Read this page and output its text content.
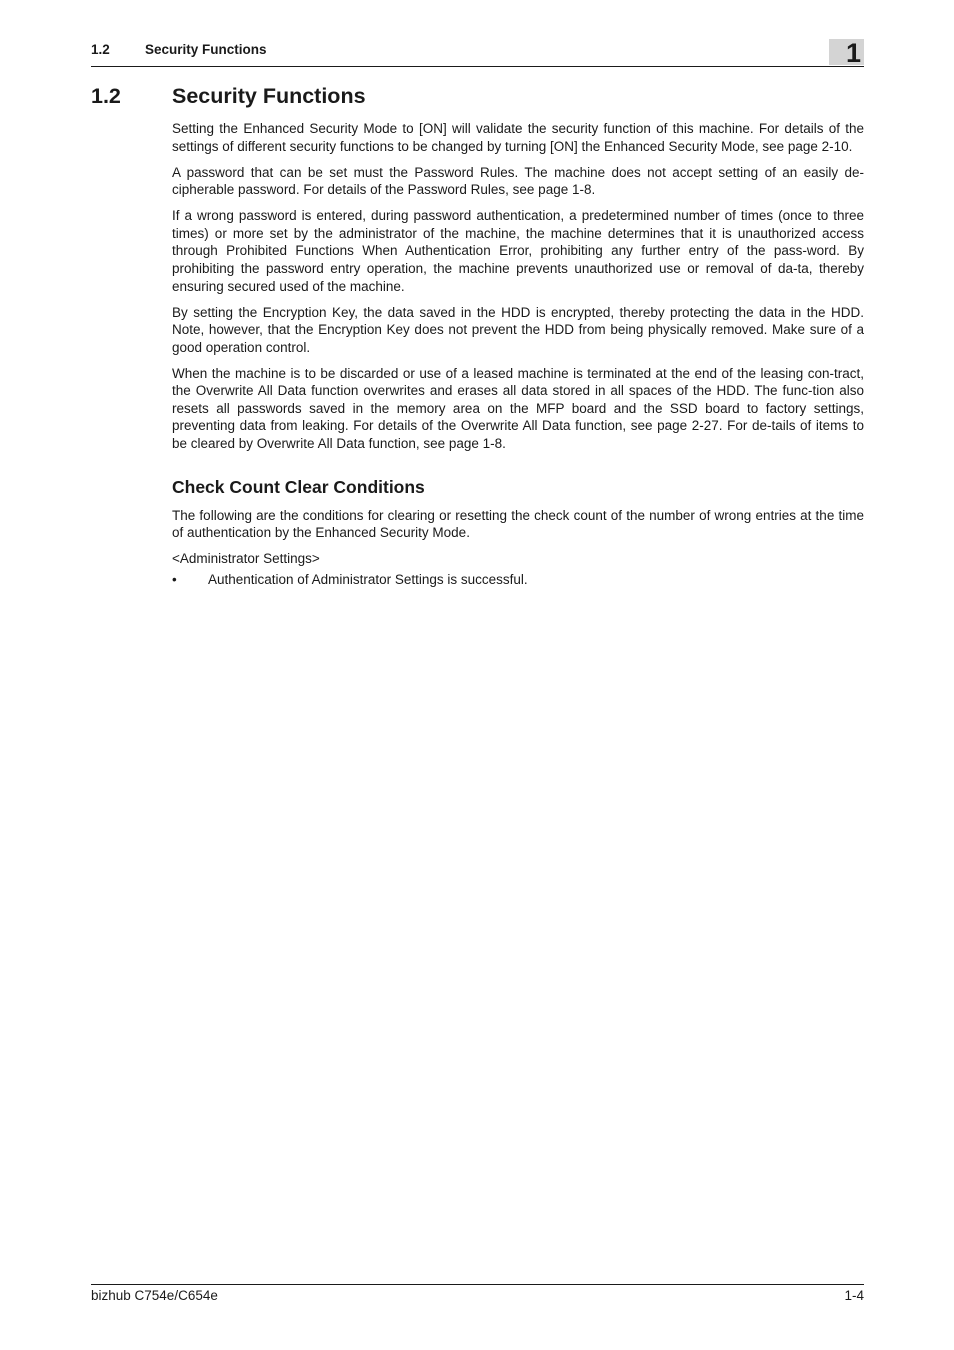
1.2	Security Functions	1
1.2 Security Functions

Setting the Enhanced Security Mode to [ON] will validate the security function of this machine. For details of the settings of different security functions to be changed by turning [ON] the Enhanced Security Mode, see page 2-10.

A password that can be set must the Password Rules. The machine does not accept setting of an easily de-cipherable password. For details of the Password Rules, see page 1-8.

If a wrong password is entered, during password authentication, a predetermined number of times (once to three times) or more set by the administrator of the machine, the machine determines that it is unauthorized access through Prohibited Functions When Authentication Error, prohibiting any further entry of the pass-word. By prohibiting the password entry operation, the machine prevents unauthorized use or removal of da-ta, thereby ensuring secured used of the machine.

By setting the Encryption Key, the data saved in the HDD is encrypted, thereby protecting the data in the HDD. Note, however, that the Encryption Key does not prevent the HDD from being physically removed. Make sure of a good operation control.

When the machine is to be discarded or use of a leased machine is terminated at the end of the leasing con-tract, the Overwrite All Data function overwrites and erases all data stored in all spaces of the HDD. The func-tion also resets all passwords saved in the memory area on the MFP board and the SSD board to factory settings, preventing data from leaking. For details of the Overwrite All Data function, see page 2-27. For de-tails of items to be cleared by Overwrite All Data function, see page 1-8.

Check Count Clear Conditions

The following are the conditions for clearing or resetting the check count of the number of wrong entries at the time of authentication by the Enhanced Security Mode.

<Administrator Settings>

• Authentication of Administrator Settings is successful.
bizhub C754e/C654e	1-4
